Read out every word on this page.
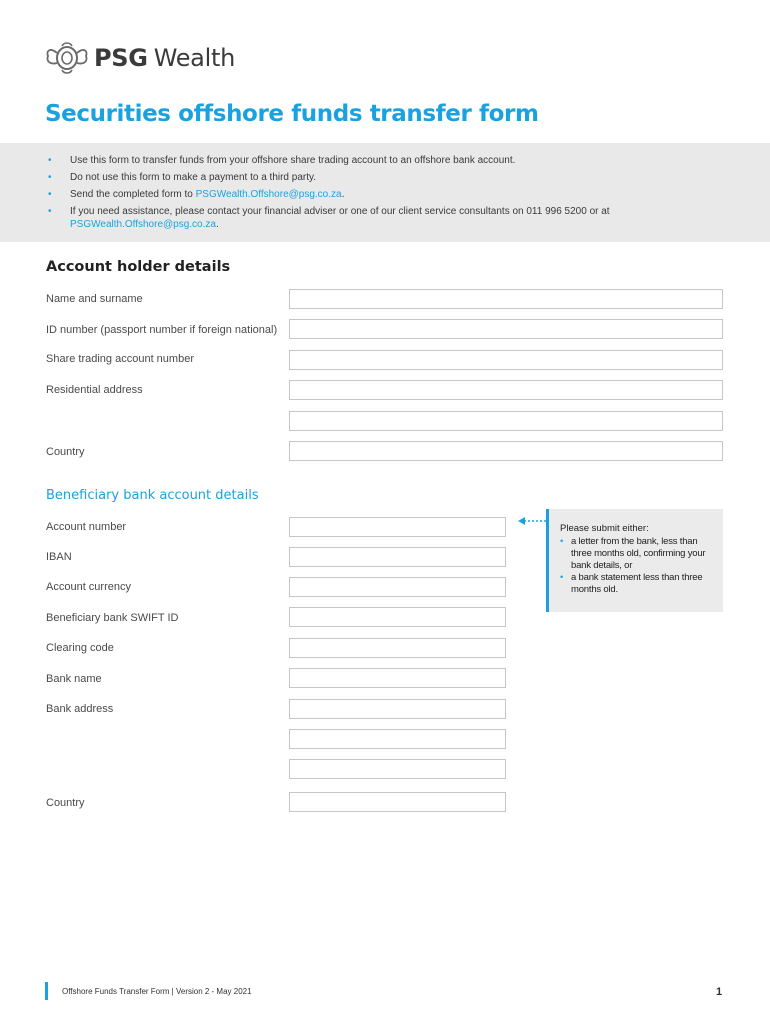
PSG Wealth
Securities offshore funds transfer form
• Use this form to transfer funds from your offshore share trading account to an offshore bank account.
• Do not use this form to make a payment to a third party.
• Send the completed form to PSGWealth.Offshore@psg.co.za.
• If you need assistance, please contact your financial adviser or one of our client service consultants on 011 996 5200 or at
PSGWealth.Offshore@psg.co.za.
Account holder details
Name and surname
ID number (passport number if foreign national)
Share trading account number
Residential address
Country
Beneficiary bank account details
Account number
IBAN
Account currency
Beneficiary bank SWIFT ID
Clearing code
Bank name
Bank address
Country
Please submit either:
• a letter from the bank, less than three months old, confirming your bank details, or
• a bank statement less than three months old.
Offshore Funds Transfer Form | Version 2 - May 2021	1
